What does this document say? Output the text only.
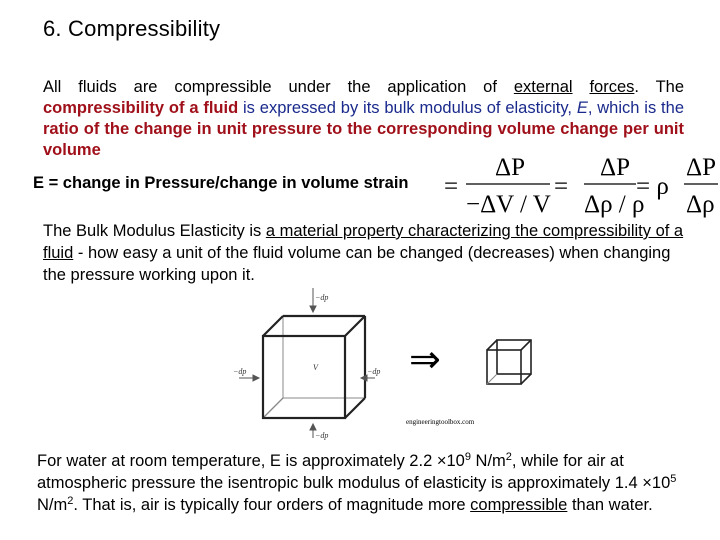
6. Compressibility
All fluids are compressible under the application of external forces. The compressibility of a fluid is expressed by its bulk modulus of elasticity, E, which is the ratio of the change in unit pressure to the corresponding volume change per unit volume
E = change in Pressure/change in volume strain =
ΔP
−ΔV / V
=
ΔP
Δρ / ρ
= ρ
ΔP
Δρ
The Bulk Modulus Elasticity is a material property characterizing the compressibility of a fluid - how easy a unit of the fluid volume can be changed (decreases) when changing the pressure working upon it.
−dp
−dp
−dp	−dp
V ⇒
engineeringtoolbox.com
For water at room temperature, E is approximately $2.2 \times 10^9$ $N/m^2$, while for air at atmospheric pressure the isentropic bulk modulus of elasticity is approximately $1.4 \times 10^5$ $N/m^2$. That is, air is typically four orders of magnitude more compressible than water.
